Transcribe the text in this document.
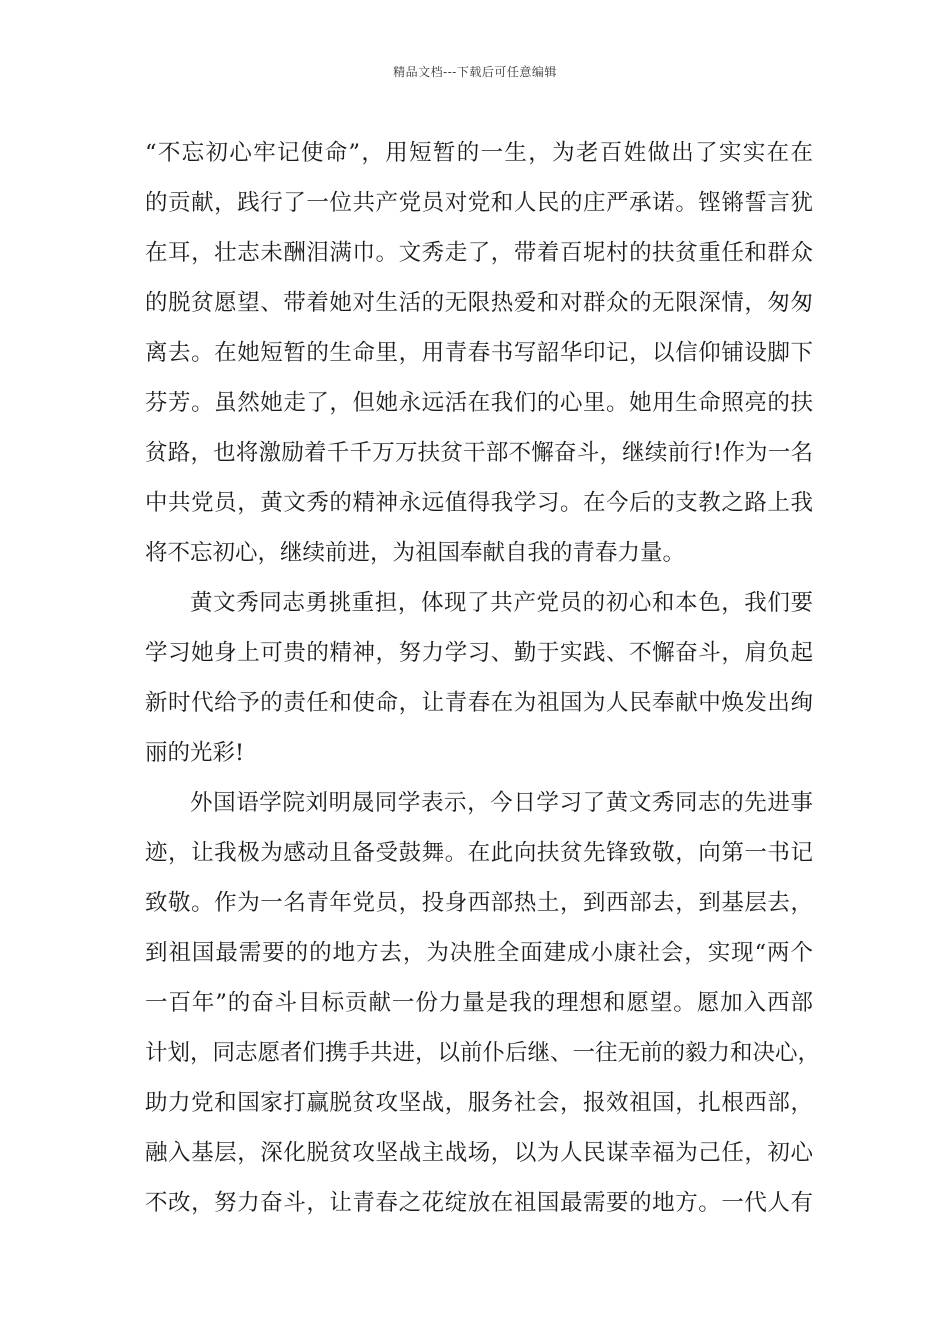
精品文档---下载后可任意编辑
“不忘初心牢记使命”，用短暂的一生，为老百姓做出了实实在在
的贡献，践行了一位共产党员对党和人民的庄严承诺。铿锵誓言犹
在耳，壮志未酬泪满巾。文秀走了，带着百坭村的扶贫重任和群众
的脱贫愿望、带着她对生活的无限热爱和对群众的无限深情，匆匆
离去。在她短暂的生命里，用青春书写韶华印记，以信仰铺设脚下
芬芳。虽然她走了，但她永远活在我们的心里。她用生命照亮的扶
贫路，也将激励着千千万万扶贫干部不懈奋斗，继续前行!作为一名
中共党员，黄文秀的精神永远值得我学习。在今后的支教之路上我
将不忘初心，继续前进，为祖国奉献自我的青春力量。
黄文秀同志勇挑重担，体现了共产党员的初心和本色，我们要
学习她身上可贵的精神，努力学习、勤于实践、不懈奋斗，肩负起
新时代给予的责任和使命，让青春在为祖国为人民奉献中焕发出绚
丽的光彩!
外国语学院刘明晟同学表示，今日学习了黄文秀同志的先进事
迹，让我极为感动且备受鼓舞。在此向扶贫先锋致敬，向第一书记
致敬。作为一名青年党员，投身西部热土，到西部去，到基层去，
到祖国最需要的的地方去，为决胜全面建成小康社会，实现“两个
一百年”的奋斗目标贡献一份力量是我的理想和愿望。愿加入西部
计划，同志愿者们携手共进，以前仆后继、一往无前的毅力和决心，
助力党和国家打赢脱贫攻坚战，服务社会，报效祖国，扎根西部，
融入基层，深化脱贫攻坚战主战场，以为人民谋幸福为己任，初心
不改，努力奋斗，让青春之花绽放在祖国最需要的地方。一代人有
